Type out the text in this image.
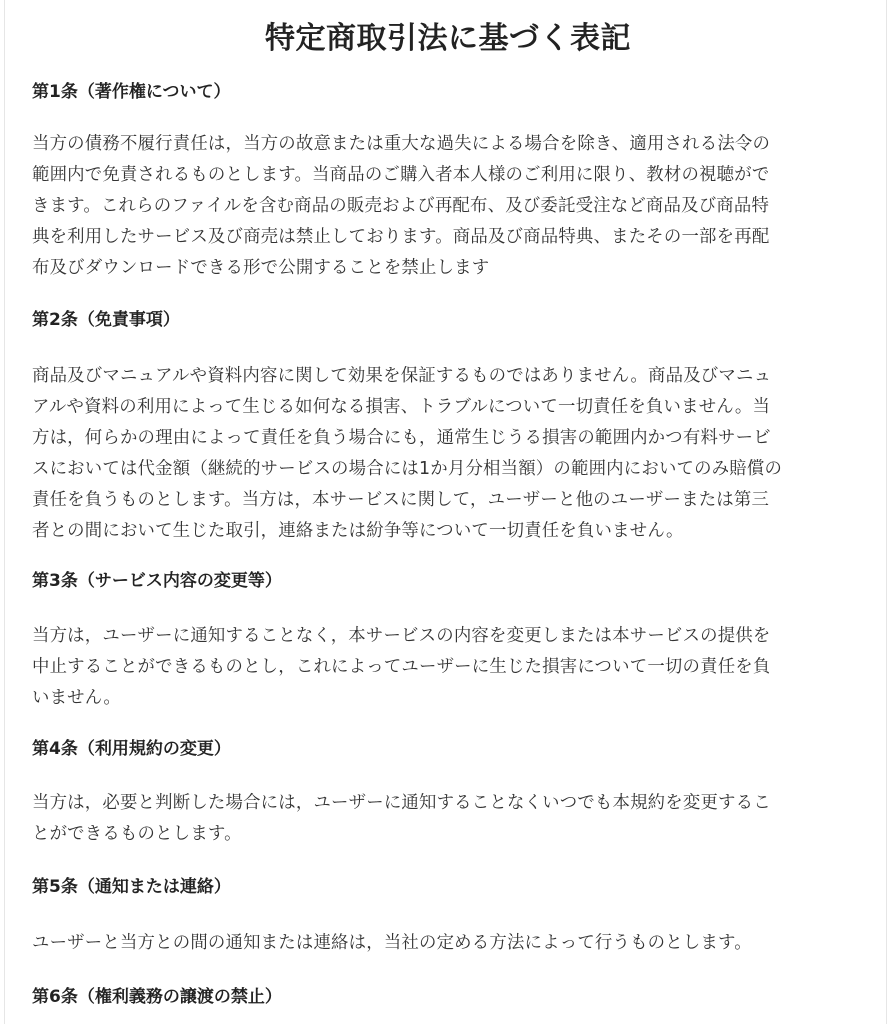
特定商取引法に基づく表記
第1条（著作権について）

当方の債務不履行責任は，当方の故意または重大な過失による場合を除き、適用される法令の
範囲内で免責されるものとします。当商品のご購入者本人様のご利用に限り、教材の視聴がで
きます。これらのファイルを含む商品の販売および再配布、及び委託受注など商品及び商品特
典を利用したサービス及び商売は禁止しております。商品及び商品特典、またその一部を再配
布及びダウンロードできる形で公開することを禁止します

第2条（免責事項）

商品及びマニュアルや資料内容に関して効果を保証するものではありません。商品及びマニュ
アルや資料の利用によって生じる如何なる損害、トラブルについて一切責任を負いません。当
方は，何らかの理由によって責任を負う場合にも，通常生じうる損害の範囲内かつ有料サービ
スにおいては代金額（継続的サービスの場合には1か月分相当額）の範囲内においてのみ賠償の
責任を負うものとします。当方は，本サービスに関して，ユーザーと他のユーザーまたは第三
者との間において生じた取引，連絡または紛争等について一切責任を負いません。

第3条（サービス内容の変更等）

当方は，ユーザーに通知することなく，本サービスの内容を変更しまたは本サービスの提供を
中止することができるものとし，これによってユーザーに生じた損害について一切の責任を負
いません。

第4条（利用規約の変更）

当方は，必要と判断した場合には，ユーザーに通知することなくいつでも本規約を変更するこ
とができるものとします。

第5条（通知または連絡）

ユーザーと当方との間の通知または連絡は，当社の定める方法によって行うものとします。

第6条（権利義務の譲渡の禁止）
